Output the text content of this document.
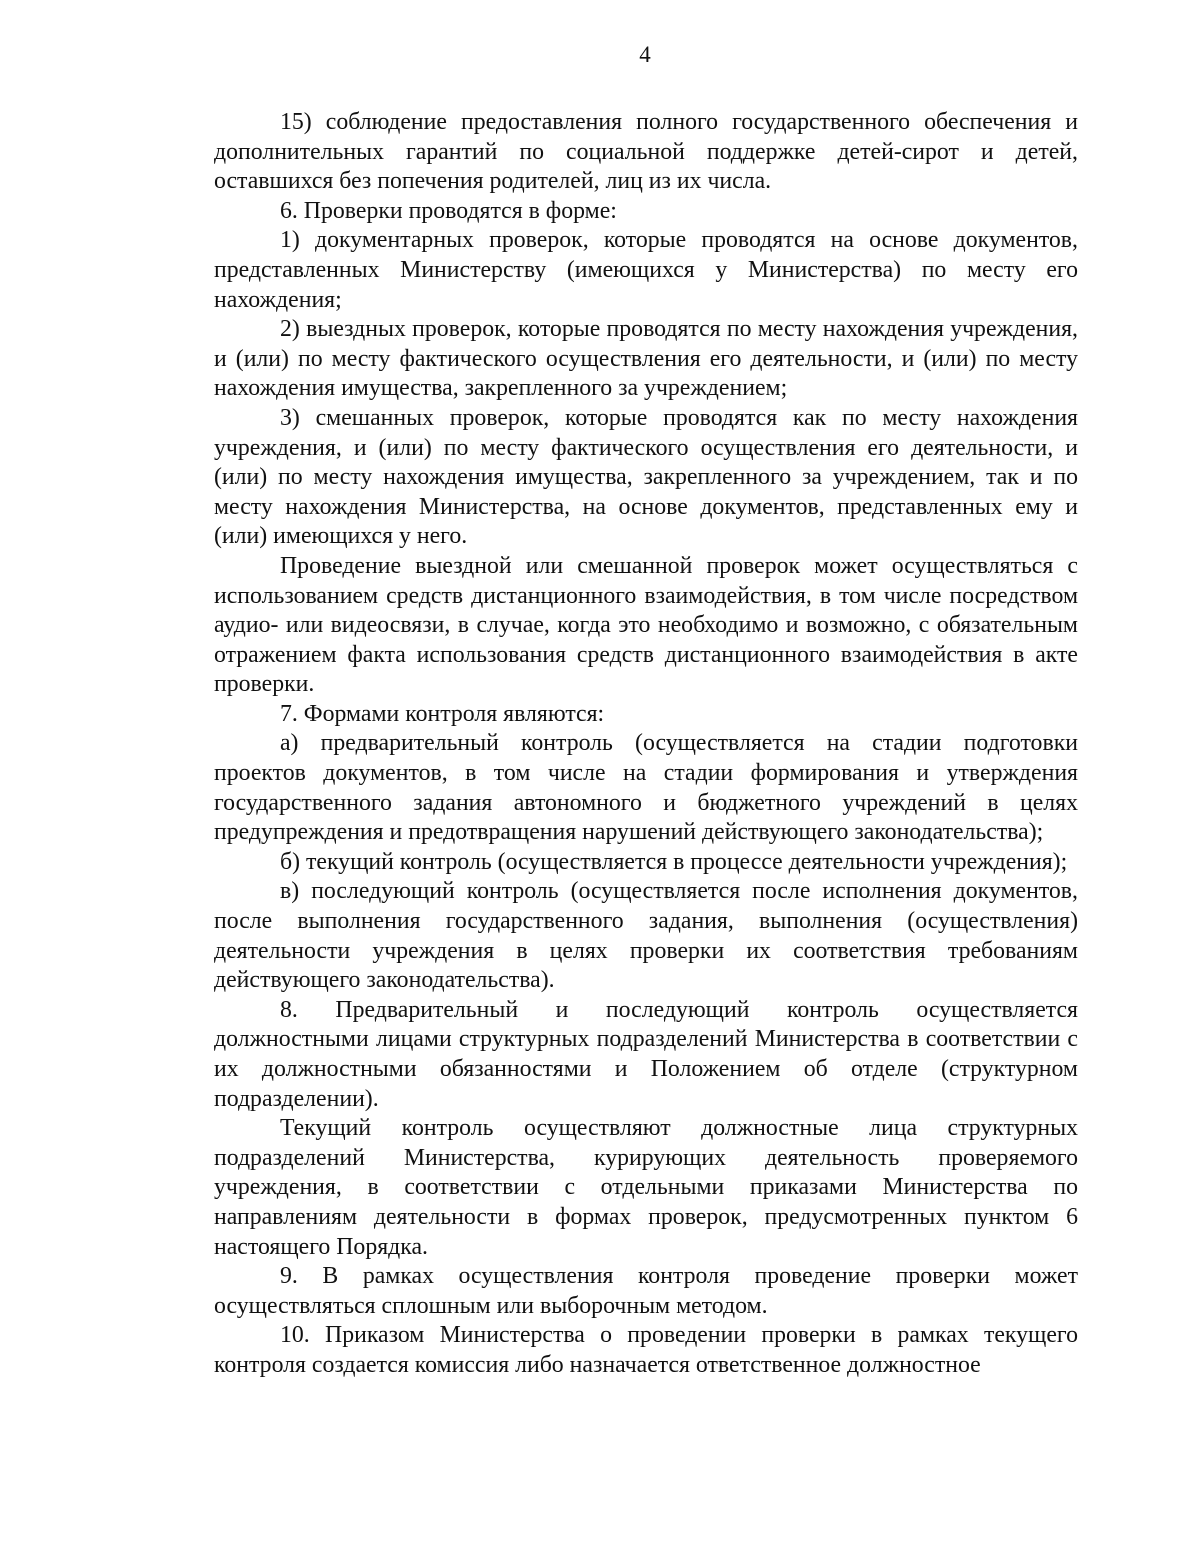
4

15) соблюдение предоставления полного государственного обеспечения и дополнительных гарантий по социальной поддержке детей-сирот и детей, оставшихся без попечения родителей, лиц из их числа.

6. Проверки проводятся в форме:

1) документарных проверок, которые проводятся на основе документов, представленных Министерству (имеющихся у Министерства) по месту его нахождения;

2) выездных проверок, которые проводятся по месту нахождения учреждения, и (или) по месту фактического осуществления его деятельности, и (или) по месту нахождения имущества, закрепленного за учреждением;

3) смешанных проверок, которые проводятся как по месту нахождения учреждения, и (или) по месту фактического осуществления его деятельности, и (или) по месту нахождения имущества, закрепленного за учреждением, так и по месту нахождения Министерства, на основе документов, представленных ему и (или) имеющихся у него.

Проведение выездной или смешанной проверок может осуществляться с использованием средств дистанционного взаимодействия, в том числе посредством аудио- или видеосвязи, в случае, когда это необходимо и возможно, с обязательным отражением факта использования средств дистанционного взаимодействия в акте проверки.

7. Формами контроля являются:

а) предварительный контроль (осуществляется на стадии подготовки проектов документов, в том числе на стадии формирования и утверждения государственного задания автономного и бюджетного учреждений в целях предупреждения и предотвращения нарушений действующего законодательства);

б) текущий контроль (осуществляется в процессе деятельности учреждения);

в) последующий контроль (осуществляется после исполнения документов, после выполнения государственного задания, выполнения (осуществления) деятельности учреждения в целях проверки их соответствия требованиям действующего законодательства).

8. Предварительный и последующий контроль осуществляется должностными лицами структурных подразделений Министерства в соответствии с их должностными обязанностями и Положением об отделе (структурном подразделении).

Текущий контроль осуществляют должностные лица структурных подразделений Министерства, курирующих деятельность проверяемого учреждения, в соответствии с отдельными приказами Министерства по направлениям деятельности в формах проверок, предусмотренных пунктом 6 настоящего Порядка.

9. В рамках осуществления контроля проведение проверки может осуществляться сплошным или выборочным методом.

10. Приказом Министерства о проведении проверки в рамках текущего контроля создается комиссия либо назначается ответственное должностное
